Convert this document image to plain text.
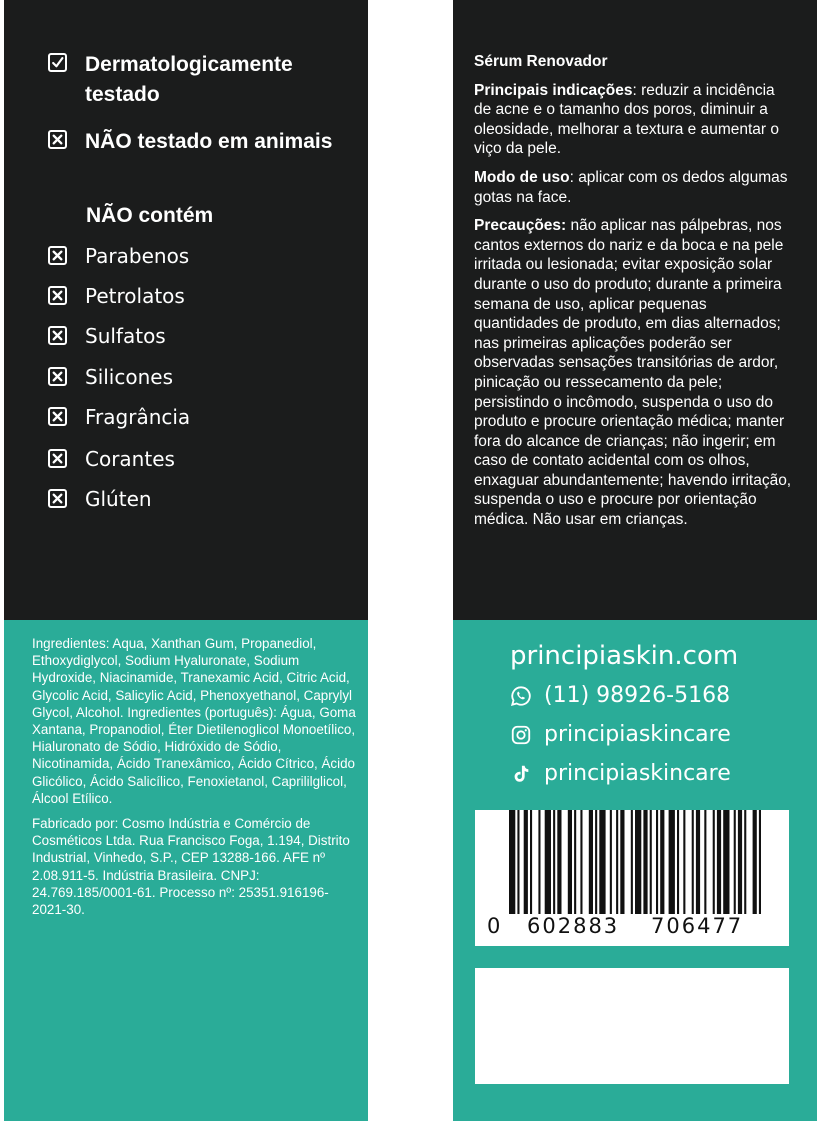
Dermatologicamente testado
NÃO testado em animais
NÃO contém
Parabenos
Petrolatos
Sulfatos
Silicones
Fragrância
Corantes
Glúten

Ingredientes: Aqua, Xanthan Gum, Propanediol, Ethoxydiglycol, Sodium Hyaluronate, Sodium Hydroxide, Niacinamide, Tranexamic Acid, Citric Acid, Glycolic Acid, Salicylic Acid, Phenoxyethanol, Caprylyl Glycol, Alcohol. Ingredientes (português): Água, Goma Xantana, Propanodiol, Éter Dietilenoglicol Monoetílico, Hialuronato de Sódio, Hidróxido de Sódio, Nicotinamida, Ácido Tranexâmico, Ácido Cítrico, Ácido Glicólico, Ácido Salicílico, Fenoxietanol, Caprililglicol, Álcool Etílico.

Fabricado por: Cosmo Indústria e Comércio de Cosméticos Ltda. Rua Francisco Foga, 1.194, Distrito Industrial, Vinhedo, S.P., CEP 13288-166. AFE nº 2.08.911-5. Indústria Brasileira. CNPJ: 24.769.185/0001-61. Processo nº: 25351.916196-2021-30.

Sérum Renovador

Principais indicações: reduzir a incidência de acne e o tamanho dos poros, diminuir a oleosidade, melhorar a textura e aumentar o viço da pele.

Modo de uso: aplicar com os dedos algumas gotas na face.

Precauções: não aplicar nas pálpebras, nos cantos externos do nariz e da boca e na pele irritada ou lesionada; evitar exposição solar durante o uso do produto; durante a primeira semana de uso, aplicar pequenas quantidades de produto, em dias alternados; nas primeiras aplicações poderão ser observadas sensações transitórias de ardor, pinicação ou ressecamento da pele; persistindo o incômodo, suspenda o uso do produto e procure orientação médica; manter fora do alcance de crianças; não ingerir; em caso de contato acidental com os olhos, enxaguar abundantemente; havendo irritação, suspenda o uso e procure por orientação médica. Não usar em crianças.

principiaskin.com
(11) 98926-5168
principiaskincare
principiaskincare
0 602883 706477
